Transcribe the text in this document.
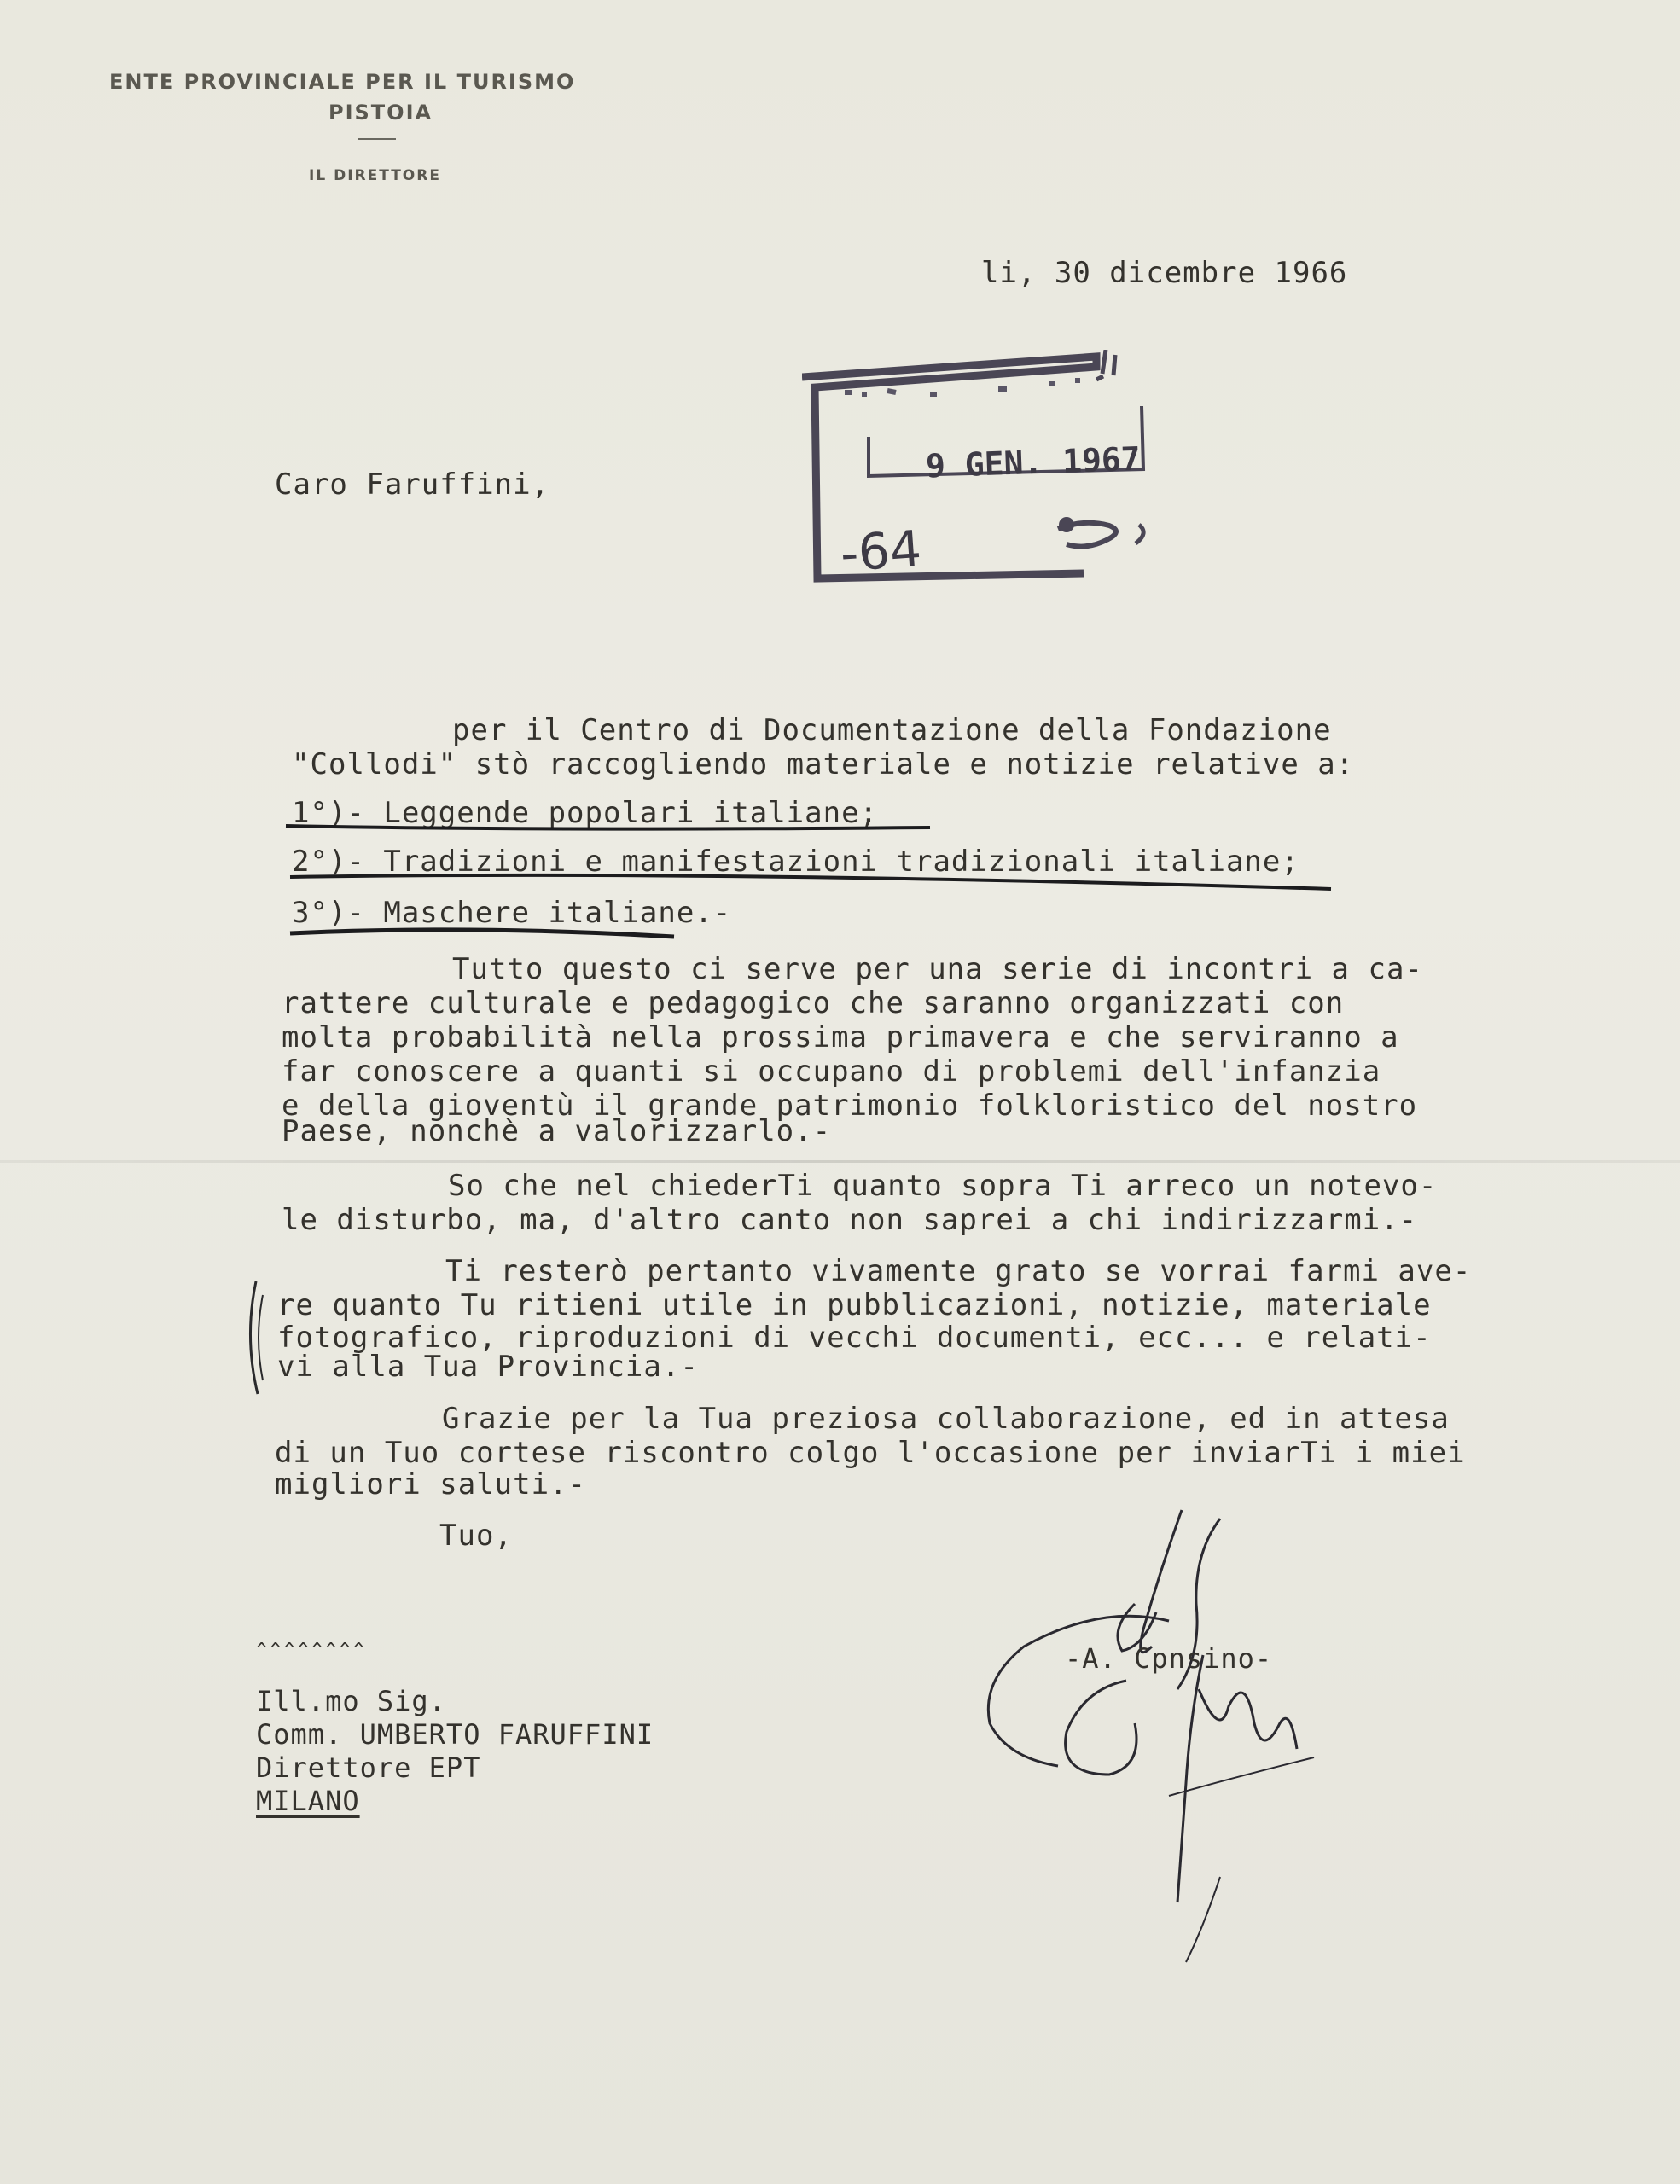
ENTE PROVINCIALE PER IL TURISMO
PISTOIA
IL DIRETTORE
li, 30 dicembre 1966
9 GEN. 1967
-64
Caro Faruffini,
per il Centro di Documentazione della Fondazione
"Collodi" stò raccogliendo materiale e notizie relative a:
1°)- Leggende popolari italiane;
2°)- Tradizioni e manifestazioni tradizionali italiane;
3°)- Maschere italiane.-
Tutto questo ci serve per una serie di incontri a ca-
rattere culturale e pedagogico che saranno organizzati con
molta probabilità nella prossima primavera e che serviranno a
far conoscere a quanti si occupano di problemi dell'infanzia
e della gioventù il grande patrimonio folkloristico del nostro
Paese, nonchè a valorizzarlo.-
So che nel chiederTi quanto sopra Ti arreco un notevo-
le disturbo, ma, d'altro canto non saprei a chi indirizzarmi.-
Ti resterò pertanto vivamente grato se vorrai farmi ave-
re quanto Tu ritieni utile in pubblicazioni, notizie, materiale
fotografico, riproduzioni di vecchi documenti, ecc... e relati-
vi alla Tua Provincia.-
Grazie per la Tua preziosa collaborazione, ed in attesa
di un Tuo cortese riscontro colgo l'occasione per inviarTi i miei
migliori saluti.-
Tuo,
-A. Cpnsino-
^^^^^^^^
Ill.mo Sig.
Comm. UMBERTO FARUFFINI
Direttore EPT
MILANO
